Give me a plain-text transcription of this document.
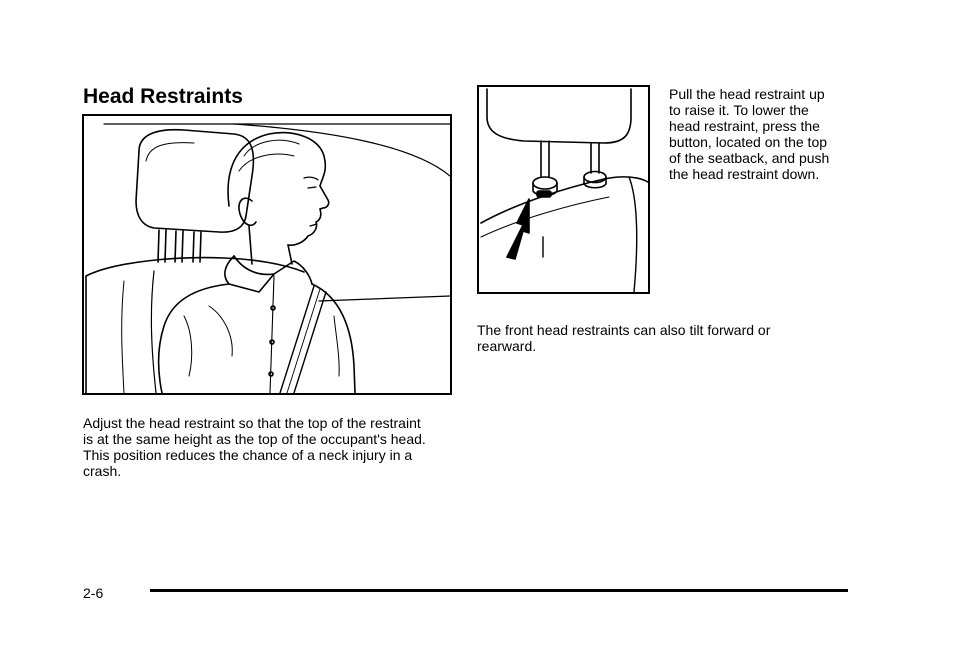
Head Restraints	Pull the head restraint up
to raise it. To lower the
head restraint, press the
button, located on the top
of the seatback, and push
the head restraint down.

The front head restraints can also tilt forward or
rearward.

Adjust the head restraint so that the top of the restraint
is at the same height as the top of the occupant's head.
This position reduces the chance of a neck injury in a
crash.

2-6
